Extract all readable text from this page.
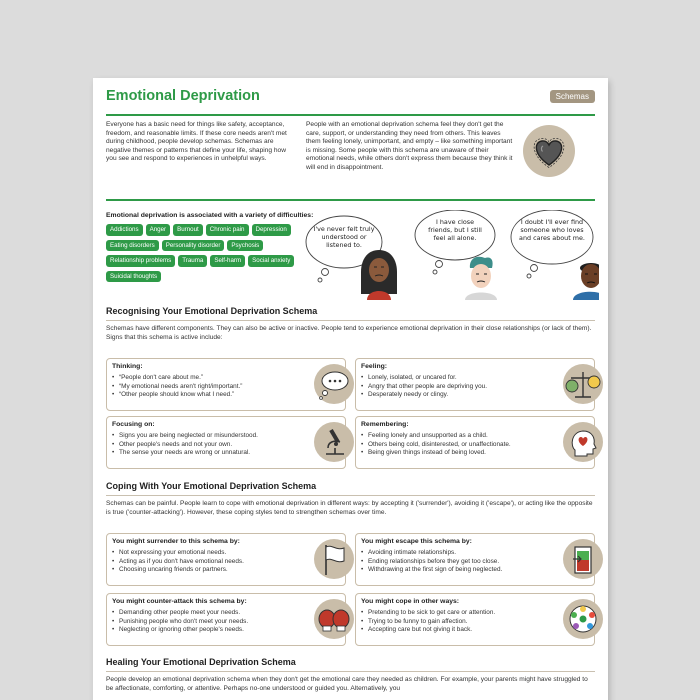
Emotional Deprivation	Schemas
Everyone has a basic need for things like safety, acceptance, freedom, and reasonable limits. If these core needs aren't met during childhood, people develop schemas. Schemas are negative themes or patterns that define your life, shaping how you see and respond to experiences in unhelpful ways.
People with an emotional deprivation schema feel they don't get the care, support, or understanding they need from others. This leaves them feeling lonely, unimportant, and empty – like something important is missing. Some people with this schema are unaware of their emotional needs, while others don't express them because they think it will end in disappointment.
Emotional deprivation is associated with a variety of difficulties:
Addictions	Anger	Burnout	Chronic pain	Depression
Eating disorders	Personality disorder	Psychosis
Relationship problems	Trauma	Self-harm	Social anxiety
Suicidal thoughts
I've never felt truly understood or listened to.
I have close friends, but I still feel all alone.
I doubt I'll ever find someone who loves and cares about me.
Recognising Your Emotional Deprivation Schema
Schemas have different components. They can also be active or inactive. People tend to experience emotional deprivation in their close relationships (or lack of them). Signs that this schema is active include:
Thinking:
• “People don't care about me.”
• “My emotional needs aren't right/important.”
• “Other people should know what I need.”
Feeling:
• Lonely, isolated, or uncared for.
• Angry that other people are depriving you.
• Desperately needy or clingy.
Focusing on:
• Signs you are being neglected or misunderstood.
• Other people's needs and not your own.
• The sense your needs are wrong or unnatural.
Remembering:
• Feeling lonely and unsupported as a child.
• Others being cold, disinterested, or unaffectionate.
• Being given things instead of being loved.
Coping With Your Emotional Deprivation Schema
Schemas can be painful. People learn to cope with emotional deprivation in different ways: by accepting it ('surrender'), avoiding it ('escape'), or acting like the opposite is true ('counter-attacking'). However, these coping styles tend to strengthen schemas over time.
You might surrender to this schema by:
• Not expressing your emotional needs.
• Acting as if you don't have emotional needs.
• Choosing uncaring friends or partners.
You might escape this schema by:
• Avoiding intimate relationships.
• Ending relationships before they get too close.
• Withdrawing at the first sign of being neglected.
You might counter-attack this schema by:
• Demanding other people meet your needs.
• Punishing people who don't meet your needs.
• Neglecting or ignoring other people's needs.
You might cope in other ways:
• Pretending to be sick to get care or attention.
• Trying to be funny to gain affection.
• Accepting care but not giving it back.
Healing Your Emotional Deprivation Schema
People develop an emotional deprivation schema when they don't get the emotional care they needed as children. For example, your parents might have struggled to be affectionate, comforting, or attentive. Perhaps no-one understood or guided you. Alternatively, you
